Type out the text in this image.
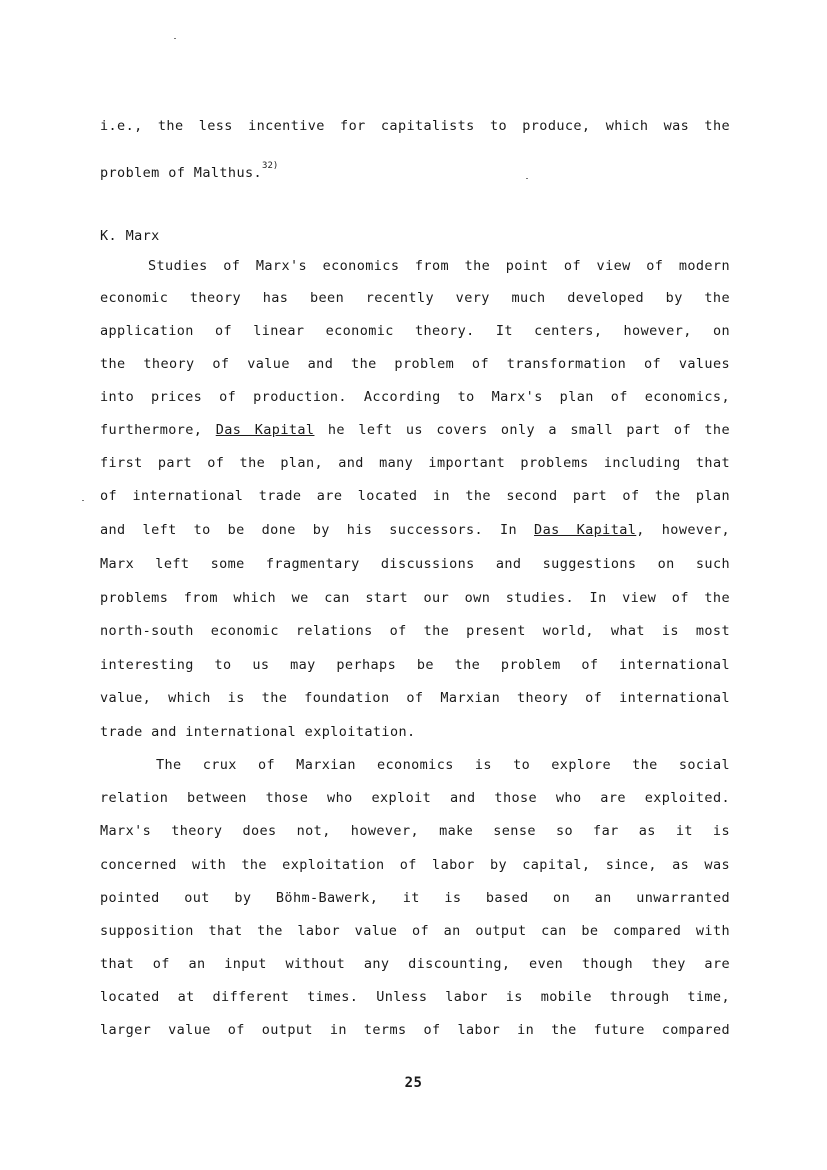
i.e., the less incentive for capitalists to produce, which was the
problem of Malthus.$^{32)}$
K. Marx
Studies of Marx's economics from the point of view of modern
economic theory has been recently very much developed by the
application of linear economic theory. It centers, however, on
the theory of value and the problem of transformation of values
into prices of production. According to Marx's plan of economics,
furthermore, Das Kapital he left us covers only a small part of the
first part of the plan, and many important problems including that
of international trade are located in the second part of the plan
and left to be done by his successors. In Das Kapital, however,
Marx left some fragmentary discussions and suggestions on such
problems from which we can start our own studies. In view of the
north-south economic relations of the present world, what is most
interesting to us may perhaps be the problem of international
value, which is the foundation of Marxian theory of international
trade and international exploitation.
The crux of Marxian economics is to explore the social
relation between those who exploit and those who are exploited.
Marx's theory does not, however, make sense so far as it is
concerned with the exploitation of labor by capital, since, as was
pointed out by Böhm-Bawerk, it is based on an unwarranted
supposition that the labor value of an output can be compared with
that of an input without any discounting, even though they are
located at different times. Unless labor is mobile through time,
larger value of output in terms of labor in the future compared
25
